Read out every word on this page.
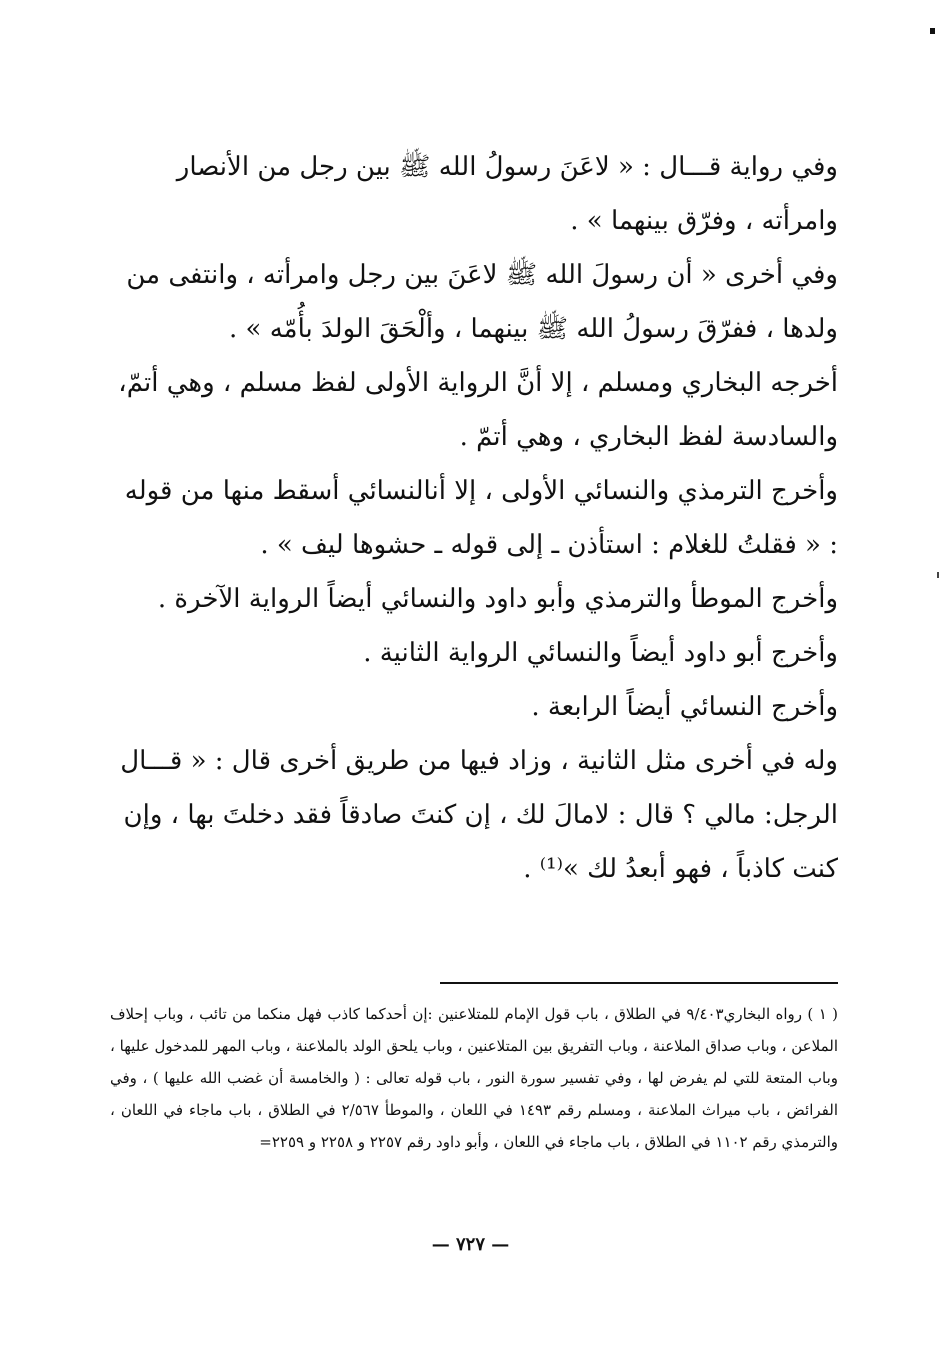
وفي رواية قـــال : « لاعَنَ رسولُ الله ﷺ بين رجل من الأنصار وامرأته ، وفرّق بينهما » .

وفي أخرى « أن رسولَ الله ﷺ لاعَنَ بين رجل وامرأته ، وانتفى من ولدها ، ففرّقَ رسولُ الله ﷺ بينهما ، وألْحَقَ الولدَ بأُمّه » .

أخرجه البخاري ومسلم ، إلا أنَّ الرواية الأولى لفظ مسلم ، وهي أتمّ، والسادسة لفظ البخاري ، وهي أتمّ .

وأخرج الترمذي والنسائي الأولى ، إلا أنالنسائي أسقط منها من قوله : « فقلتُ للغلام : استأذن ـ إلى قوله ـ حشوها ليف » .

وأخرج الموطأ والترمذي وأبو داود والنسائي أيضاً الرواية الآخرة .

وأخرج أبو داود أيضاً والنسائي الرواية الثانية .

وأخرج النسائي أيضاً الرابعة .

وله في أخرى مثل الثانية ، وزاد فيها من طريق أخرى قال : « قـــال الرجل: مالي ؟ قال : لامالَ لك ، إن كنتَ صادقاً فقد دخلتَ بها ، وإن كنت كاذباً ، فهو أبعدُ لك »⁽¹⁾ .

( ١ ) رواه البخاري٩/٤٠٣ في الطلاق ، باب قول الإمام للمتلاعنين :إن أحدكما كاذب فهل منكما من تائب ، وباب إحلاف الملاعن ، وباب صداق الملاعنة ، وباب التفريق بين المتلاعنين ، وباب يلحق الولد بالملاعنة ، وباب المهر للمدخول عليها ، وباب المتعة للتي لم يفرض لها ، وفي تفسير سورة النور ، باب قوله تعالى : ( والخامسة أن غضب الله عليها ) ، وفي الفرائض ، باب ميراث الملاعنة ، ومسلم رقم ١٤٩٣ في اللعان ، والموطأ ٢/٥٦٧ في الطلاق ، باب ماجاء في اللعان ، والترمذي رقم ١١٠٢ في الطلاق ، باب ماجاء في اللعان ، وأبو داود رقم ٢٢٥٧ و ٢٢٥٨ و ٢٢٥٩=

— ٧٢٧ —
